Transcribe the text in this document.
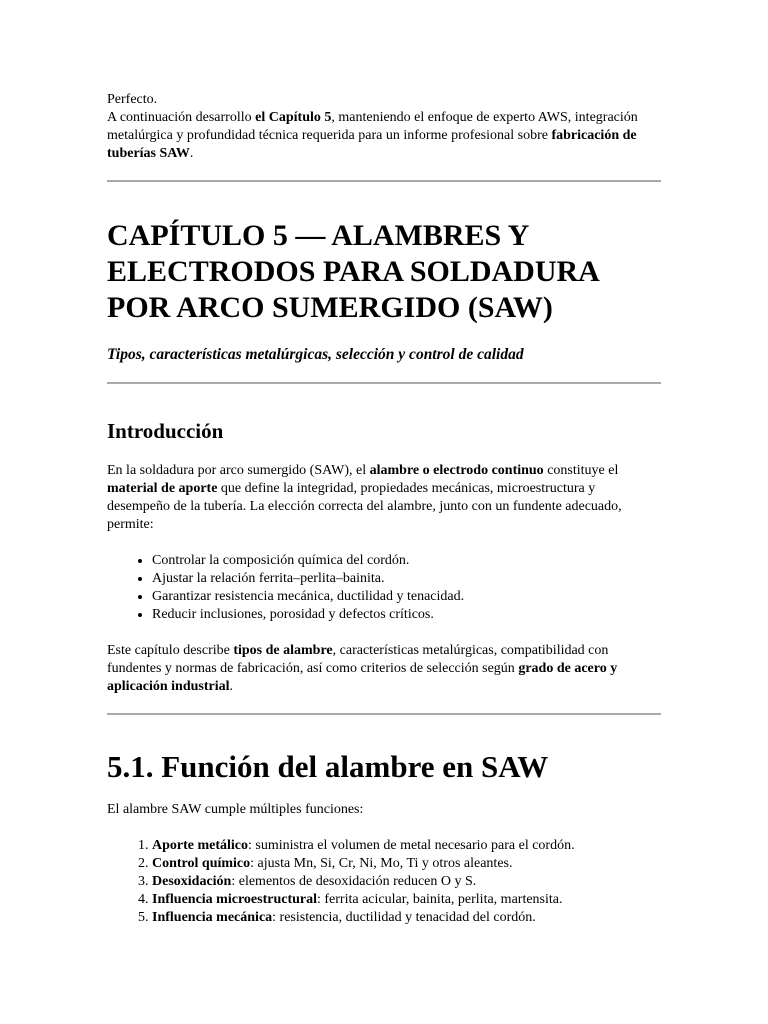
Perfecto.

A continuación desarrollo el Capítulo 5, manteniendo el enfoque de experto AWS, integración metalúrgica y profundidad técnica requerida para un informe profesional sobre fabricación de tuberías SAW.

CAPÍTULO 5 — ALAMBRES Y ELECTRODOS PARA SOLDADURA POR ARCO SUMERGIDO (SAW)

Tipos, características metalúrgicas, selección y control de calidad

Introducción

En la soldadura por arco sumergido (SAW), el alambre o electrodo continuo constituye el material de aporte que define la integridad, propiedades mecánicas, microestructura y desempeño de la tubería. La elección correcta del alambre, junto con un fundente adecuado, permite:

• Controlar la composición química del cordón.
• Ajustar la relación ferrita–perlita–bainita.
• Garantizar resistencia mecánica, ductilidad y tenacidad.
• Reducir inclusiones, porosidad y defectos críticos.

Este capítulo describe tipos de alambre, características metalúrgicas, compatibilidad con fundentes y normas de fabricación, así como criterios de selección según grado de acero y aplicación industrial.

5.1. Función del alambre en SAW

El alambre SAW cumple múltiples funciones:

1. Aporte metálico: suministra el volumen de metal necesario para el cordón.
2. Control químico: ajusta Mn, Si, Cr, Ni, Mo, Ti y otros aleantes.
3. Desoxidación: elementos de desoxidación reducen O y S.
4. Influencia microestructural: ferrita acicular, bainita, perlita, martensita.
5. Influencia mecánica: resistencia, ductilidad y tenacidad del cordón.
